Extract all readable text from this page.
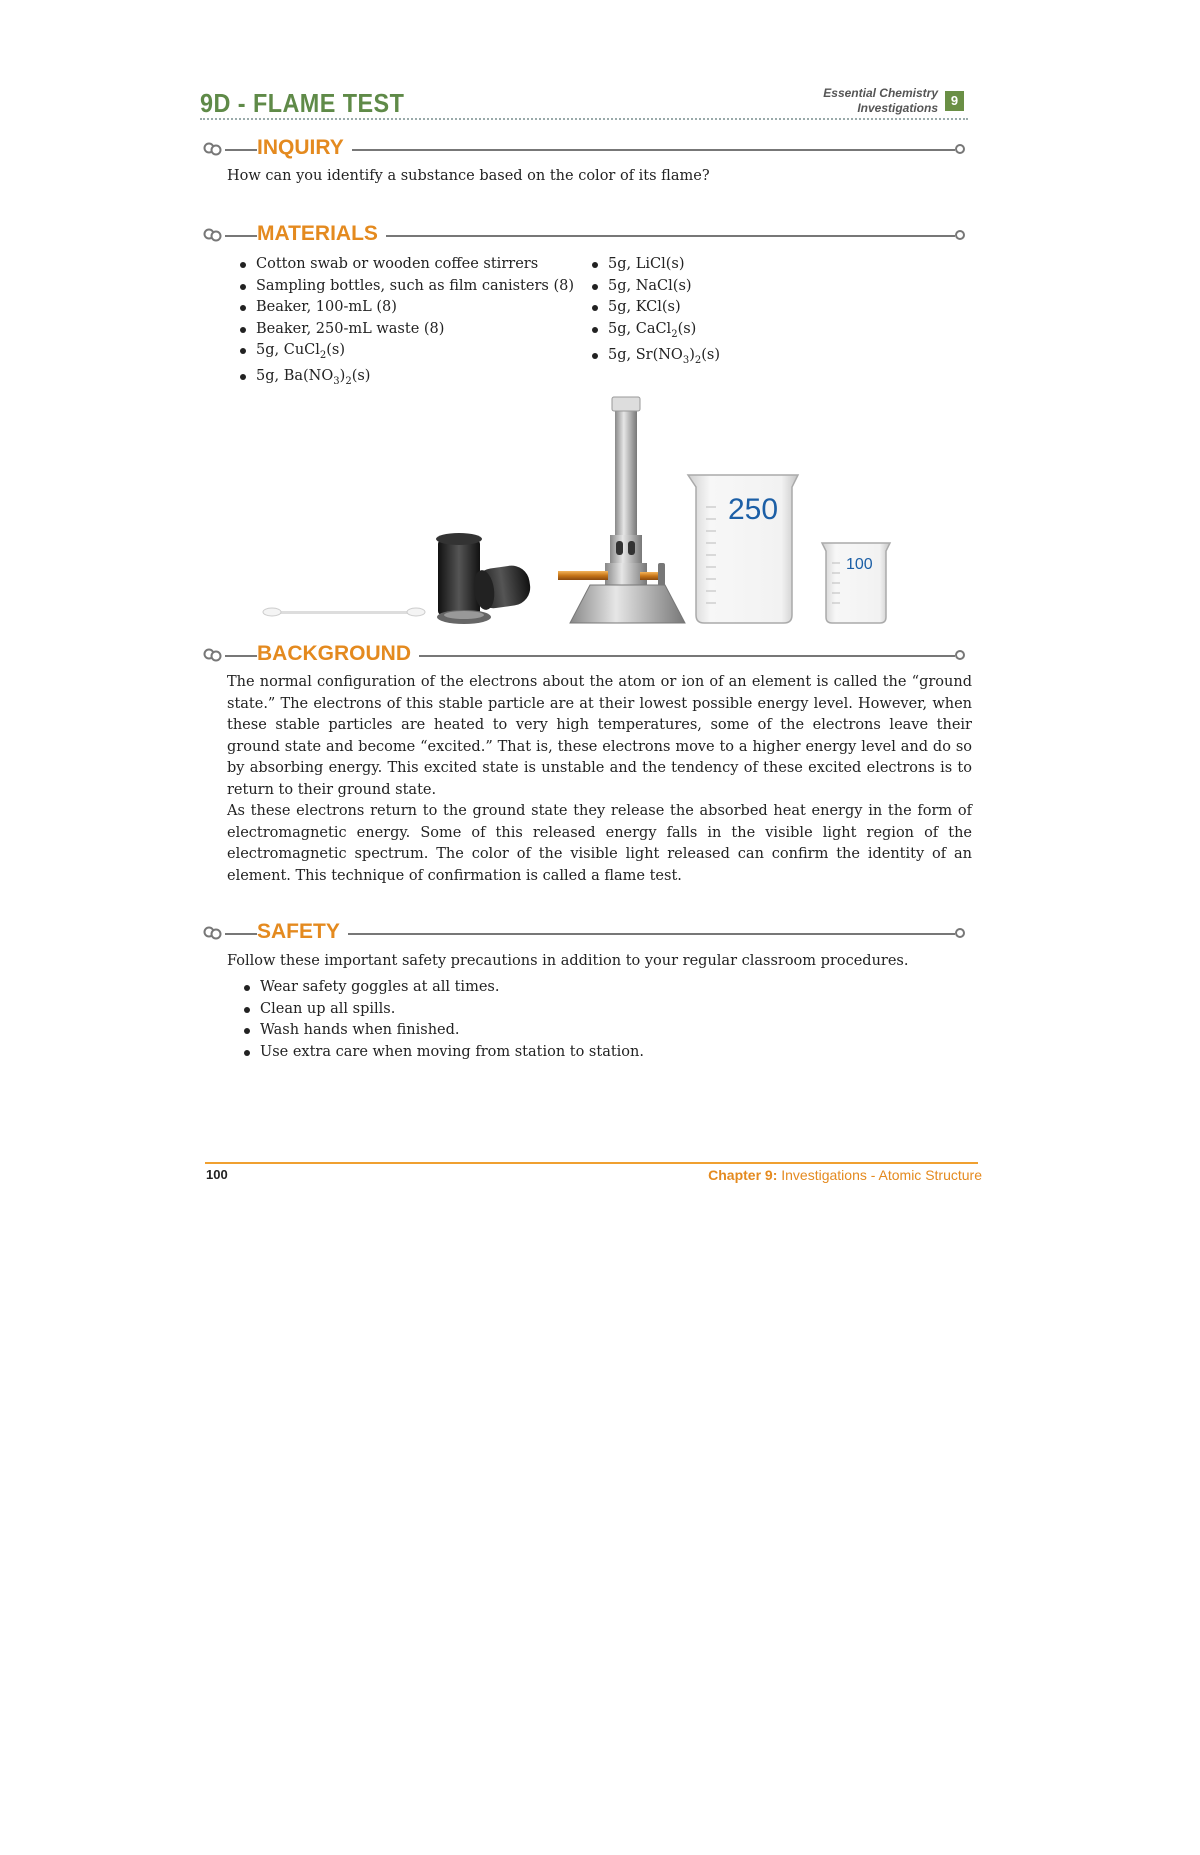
9D - FLAME TEST	Essential Chemistry
Investigations 9
INQUIRY
How can you identify a substance based on the color of its flame?
MATERIALS
Cotton swab or wooden coffee stirrers
Sampling bottles, such as film canisters (8)
Beaker, 100-mL (8)
Beaker, 250-mL waste (8)
5g, CuCl$_2$(s)
5g, $Ba(NO_3)_2(s)$
5g, LiCl(s)
5g, NaCl(s)
5g, KCl(s)
5g, CaCl$_2$(s)
5g, $Sr(NO_3)_2(s)$
250
100
BACKGROUND
The normal configuration of the electrons about the atom or ion of an element is called the “ground state.” The electrons of this stable particle are at their lowest possible energy level. However, when these stable particles are heated to very high temperatures, some of the electrons leave their ground state and become “excited.” That is, these electrons move to a higher energy level and do so by absorbing energy. This excited state is unstable and the tendency of these excited electrons is to return to their ground state.
As these electrons return to the ground state they release the absorbed heat energy in the form of electromagnetic energy. Some of this released energy falls in the visible light region of the electromagnetic spectrum. The color of the visible light released can confirm the identity of an element. This technique of confirmation is called a flame test.
SAFETY
Follow these important safety precautions in addition to your regular classroom procedures.
Wear safety goggles at all times.
Clean up all spills.
Wash hands when finished.
Use extra care when moving from station to station.
100	Chapter 9: Investigations - Atomic Structure
